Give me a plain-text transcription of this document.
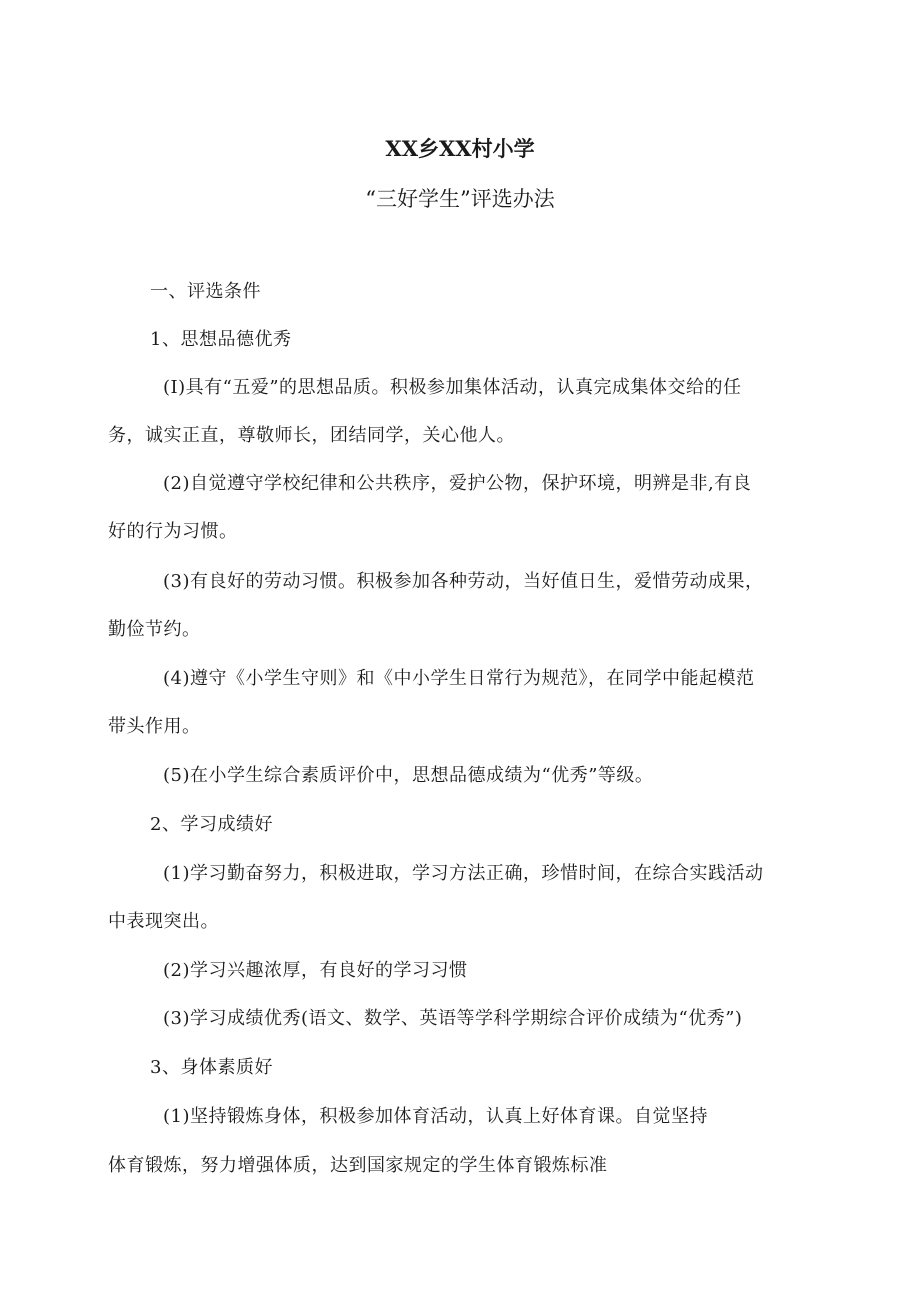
XX乡XX村小学
“三好学生”评选办法
一、评选条件
1、思想品德优秀
(I)具有“五爱”的思想品质。积极参加集体活动，认真完成集体交给的任
务，诚实正直，尊敬师长，团结同学，关心他人。
(2)自觉遵守学校纪律和公共秩序，爱护公物，保护环境，明辨是非,有良
好的行为习惯。
(3)有良好的劳动习惯。积极参加各种劳动，当好值日生，爱惜劳动成果，
勤俭节约。
(4)遵守《小学生守则》和《中小学生日常行为规范》，在同学中能起模范
带头作用。
(5)在小学生综合素质评价中，思想品德成绩为“优秀”等级。
2、学习成绩好
(1)学习勤奋努力，积极进取，学习方法正确，珍惜时间，在综合实践活动
中表现突出。
(2)学习兴趣浓厚，有良好的学习习惯
(3)学习成绩优秀(语文、数学、英语等学科学期综合评价成绩为“优秀”)
3、身体素质好
(1)坚持锻炼身体，积极参加体育活动，认真上好体育课。自觉坚持
体育锻炼，努力增强体质，达到国家规定的学生体育锻炼标准
